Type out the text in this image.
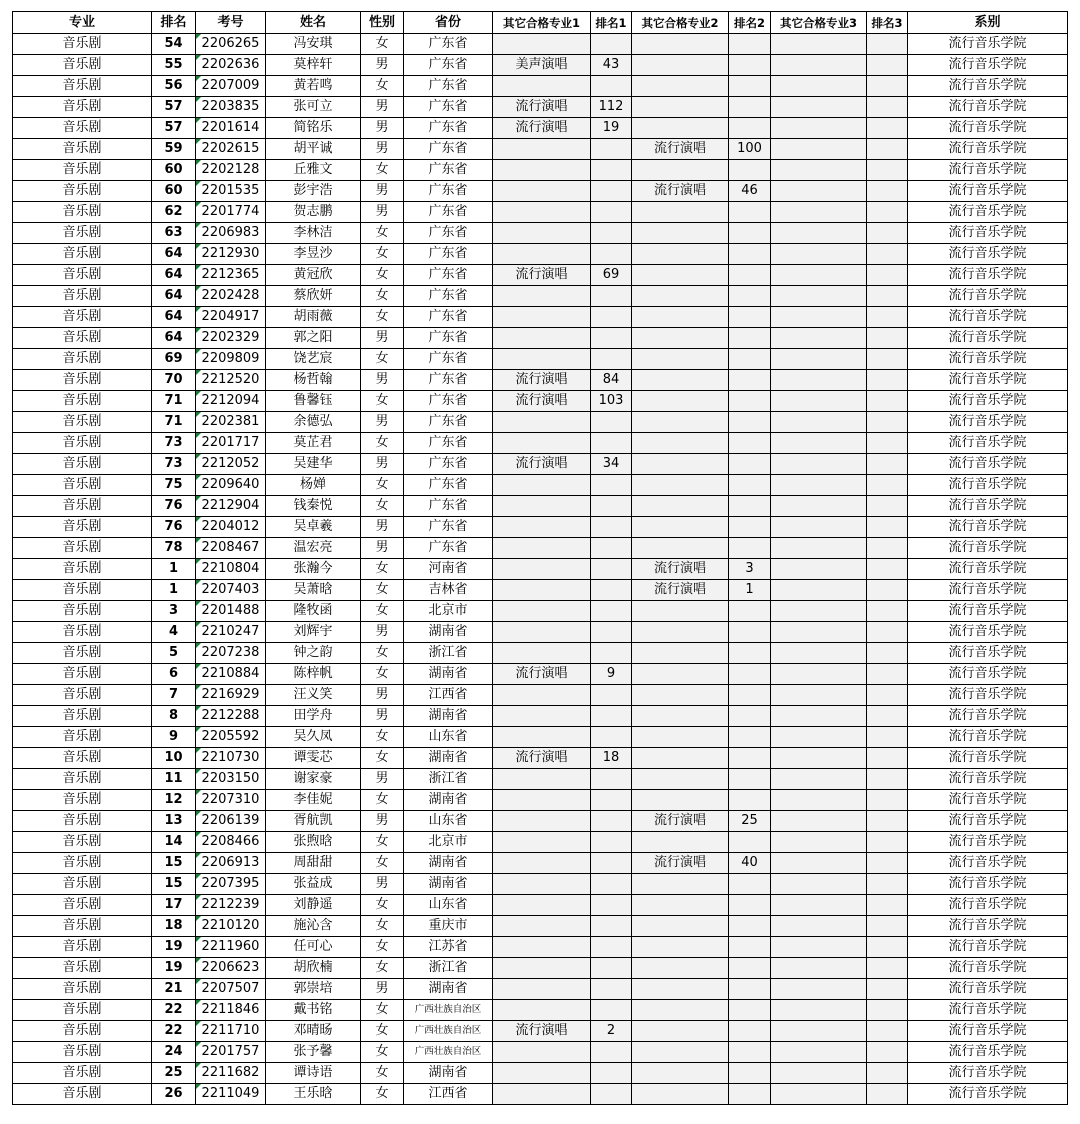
专业	排名	考号	姓名	性别	省份	其它合格专业1	排名1	其它合格专业2	排名2	其它合格专业3	排名3	系别
音乐剧	54	2206265	冯安琪	女	广东省							流行音乐学院
音乐剧	55	2202636	莫梓轩	男	广东省	美声演唱	43					流行音乐学院
音乐剧	56	2207009	黄若鸣	女	广东省							流行音乐学院
音乐剧	57	2203835	张可立	男	广东省	流行演唱	112					流行音乐学院
音乐剧	57	2201614	简铭乐	男	广东省	流行演唱	19					流行音乐学院
音乐剧	59	2202615	胡平诚	男	广东省			流行演唱	100			流行音乐学院
音乐剧	60	2202128	丘雅文	女	广东省							流行音乐学院
音乐剧	60	2201535	彭宇浩	男	广东省			流行演唱	46			流行音乐学院
音乐剧	62	2201774	贺志鹏	男	广东省							流行音乐学院
音乐剧	63	2206983	李林洁	女	广东省							流行音乐学院
音乐剧	64	2212930	李昱沙	女	广东省							流行音乐学院
音乐剧	64	2212365	黄冠欣	女	广东省	流行演唱	69					流行音乐学院
音乐剧	64	2202428	蔡欣妍	女	广东省							流行音乐学院
音乐剧	64	2204917	胡雨薇	女	广东省							流行音乐学院
音乐剧	64	2202329	郭之阳	男	广东省							流行音乐学院
音乐剧	69	2209809	饶艺宸	女	广东省							流行音乐学院
音乐剧	70	2212520	杨哲翰	男	广东省	流行演唱	84					流行音乐学院
音乐剧	71	2212094	鲁馨钰	女	广东省	流行演唱	103					流行音乐学院
音乐剧	71	2202381	余德弘	男	广东省							流行音乐学院
音乐剧	73	2201717	莫芷君	女	广东省							流行音乐学院
音乐剧	73	2212052	吴建华	男	广东省	流行演唱	34					流行音乐学院
音乐剧	75	2209640	杨婵	女	广东省							流行音乐学院
音乐剧	76	2212904	钱秦悦	女	广东省							流行音乐学院
音乐剧	76	2204012	吴卓羲	男	广东省							流行音乐学院
音乐剧	78	2208467	温宏亮	男	广东省							流行音乐学院
音乐剧	1	2210804	张瀚今	女	河南省			流行演唱	3			流行音乐学院
音乐剧	1	2207403	吴萧晗	女	吉林省			流行演唱	1			流行音乐学院
音乐剧	3	2201488	隆牧函	女	北京市							流行音乐学院
音乐剧	4	2210247	刘辉宇	男	湖南省							流行音乐学院
音乐剧	5	2207238	钟之韵	女	浙江省							流行音乐学院
音乐剧	6	2210884	陈梓帆	女	湖南省	流行演唱	9					流行音乐学院
音乐剧	7	2216929	汪义笑	男	江西省							流行音乐学院
音乐剧	8	2212288	田学舟	男	湖南省							流行音乐学院
音乐剧	9	2205592	吴久凤	女	山东省							流行音乐学院
音乐剧	10	2210730	谭雯芯	女	湖南省	流行演唱	18					流行音乐学院
音乐剧	11	2203150	谢家豪	男	浙江省							流行音乐学院
音乐剧	12	2207310	李佳妮	女	湖南省							流行音乐学院
音乐剧	13	2206139	胥航凯	男	山东省			流行演唱	25			流行音乐学院
音乐剧	14	2208466	张煦晗	女	北京市							流行音乐学院
音乐剧	15	2206913	周甜甜	女	湖南省			流行演唱	40			流行音乐学院
音乐剧	15	2207395	张益成	男	湖南省							流行音乐学院
音乐剧	17	2212239	刘静遥	女	山东省							流行音乐学院
音乐剧	18	2210120	施沁含	女	重庆市							流行音乐学院
音乐剧	19	2211960	任可心	女	江苏省							流行音乐学院
音乐剧	19	2206623	胡欣楠	女	浙江省							流行音乐学院
音乐剧	21	2207507	郭崇培	男	湖南省							流行音乐学院
音乐剧	22	2211846	戴书铭	女	广西壮族自治区							流行音乐学院
音乐剧	22	2211710	邓晴旸	女	广西壮族自治区	流行演唱	2					流行音乐学院
音乐剧	24	2201757	张予馨	女	广西壮族自治区							流行音乐学院
音乐剧	25	2211682	谭诗语	女	湖南省							流行音乐学院
音乐剧	26	2211049	王乐晗	女	江西省							流行音乐学院
